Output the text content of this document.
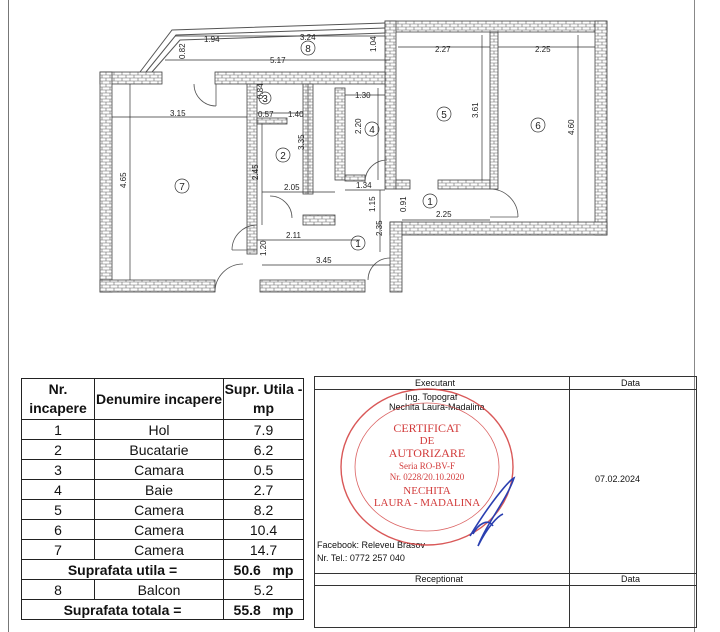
1.94	3.24
0.82	1.04
5.17
2.27	2.25
0.84	1.30
0.57 1.40
3.15
2.20
3.61
4.60
3.35
2.45
4.65	2.05	1.34
0.91
1.15
2.25
2.11	2.35
1.20
3.45
8
3
4
2
5
6
7
1
1
Nr. incapere	Denumire incapere	Supr. Utila - mp
1	Hol	7.9
2	Bucatarie	6.2
3	Camara	0.5
4	Baie	2.7
5	Camera	8.2
6	Camera	10.4
7	Camera	14.7
Suprafata utila =		50.6 mp
8	Balcon	5.2
Suprafata totala =		55.8 mp
Executant	Data
Ing. Topograf
Nechita Laura-Madalina
07.02.2024
Facebook: Releveu Brasov
Nr. Tel.: 0772 257 040
Receptionat	Data
CERTIFICAT
DE
AUTORIZARE
Seria RO-BV-F
Nr. 0228/20.10.2020
NECHITA
LAURA - MADALINA
